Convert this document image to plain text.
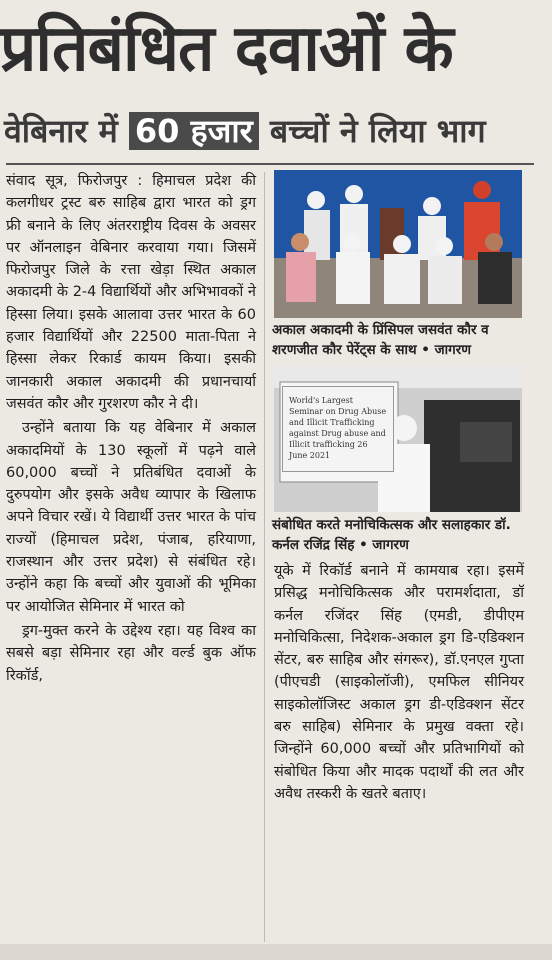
प्रतिबंधित दवाओं के
वेबिनार में 60 हजार बच्चों ने लिया भाग

संवाद सूत्र, फिरोजपुर : हिमाचल प्रदेश की कलगीधर ट्रस्ट बरु साहिब द्वारा भारत को ड्रग फ्री बनाने के लिए अंतरराष्ट्रीय दिवस के अवसर पर ऑनलाइन वेबिनार करवाया गया। जिसमें फिरोजपुर जिले के रत्ता खेड़ा स्थित अकाल अकादमी के 2-4 विद्यार्थियों और अभिभावकों ने हिस्सा लिया। इसके आलावा उत्तर भारत के 60 हजार विद्यार्थियों और 22500 माता-पिता ने हिस्सा लेकर रिकार्ड कायम किया। इसकी जानकारी अकाल अकादमी की प्रधानचार्या जसवंत कौर और गुरशरण कौर ने दी।

उन्होंने बताया कि यह वेबिनार में अकाल अकादमियों के 130 स्कूलों में पढ़ने वाले 60,000 बच्चों ने प्रतिबंधित दवाओं के दुरुपयोग और इसके अवैध व्यापार के खिलाफ अपने विचार रखें। ये विद्यार्थी उत्तर भारत के पांच राज्यों (हिमाचल प्रदेश, पंजाब, हरियाणा, राजस्थान और उत्तर प्रदेश) से संबंधित रहे। उन्होंने कहा कि बच्चों और युवाओं की भूमिका पर आयोजित सेमिनार में भारत को

ड्रग-मुक्त करने के उद्देश्य रहा। यह विश्व का सबसे बड़ा सेमिनार रहा और वर्ल्ड बुक ऑफ रिकॉर्ड,

अकाल अकादमी के प्रिंसिपल जसवंत कौर व शरणजीत कौर पेरेंट्स के साथ • जागरण
World's Largest Seminar on Drug Abuse and Illicit Trafficking against Drug abuse and Illicit trafficking 26 June 2021
संबोधित करते मनोचिकित्सक और सलाहकार डॉ. कर्नल रजिंद्र सिंह • जागरण

यूके में रिकॉर्ड बनाने में कामयाब रहा। इसमें प्रसिद्ध मनोचिकित्सक और परामर्शदाता, डॉ कर्नल रजिंदर सिंह (एमडी, डीपीएम मनोचिकित्सा, निदेशक-अकाल ड्रग डि-एडिक्शन सेंटर, बरु साहिब और संगरूर), डॉ.एनएल गुप्ता (पीएचडी (साइकोलॉजी), एमफिल सीनियर साइकोलॉजिस्ट अकाल ड्रग डी-एडिक्शन सेंटर बरु साहिब) सेमिनार के प्रमुख वक्ता रहे। जिन्होंने 60,000 बच्चों और प्रतिभागियों को संबोधित किया और मादक पदार्थों की लत और अवैध तस्करी के खतरे बताए।
